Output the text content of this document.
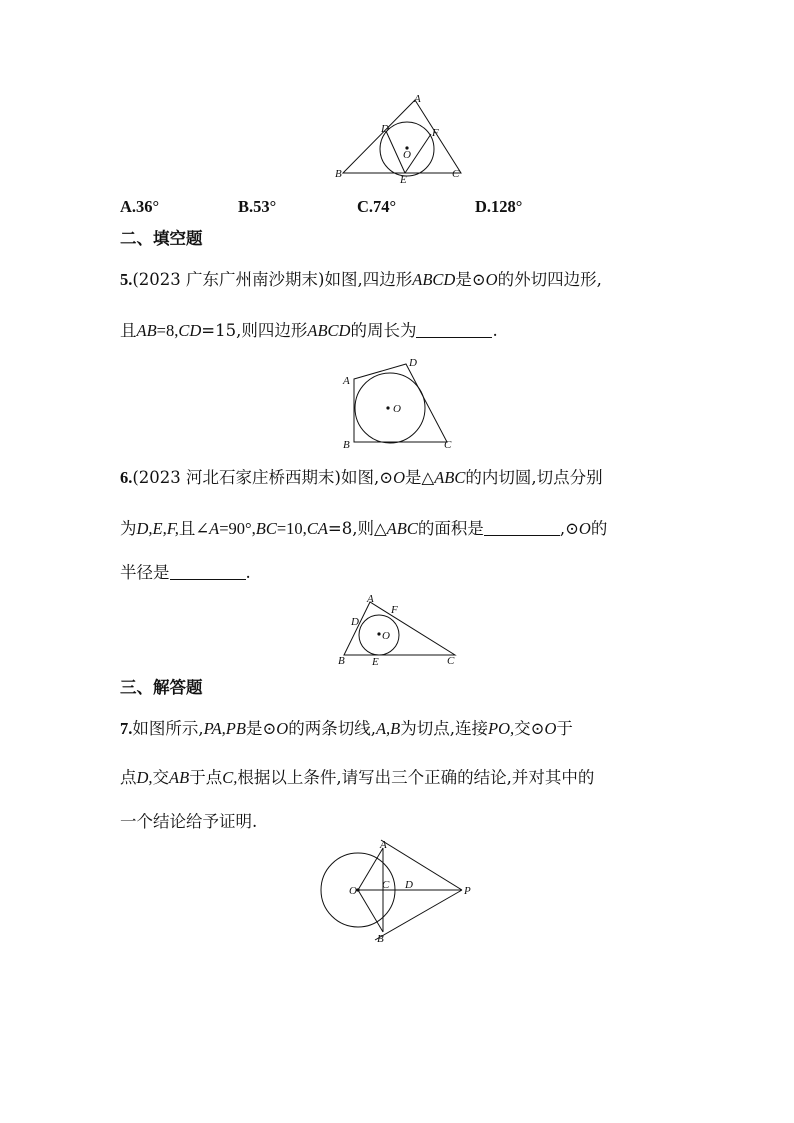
A
B	C
D
E
F
O
A.36°	B.53°	C.74°	D.128°
二、填空题
5.(2023 广东广州南沙期末)如图,四边形ABCD是⊙O的外切四边形,
且AB=8,CD=15,则四边形ABCD的周长为	.
A
B	C
D
O
6.(2023 河北石家庄桥西期末)如图,⊙O是△ABC的内切圆,切点分别
为D,E,F,且∠A=90°,BC=10,CA=8,则△ABC的面积是	,⊙O的
半径是	.
A
B	C
D
E
F
O
三、解答题
7.如图所示,PA,PB是⊙O的两条切线,A,B为切点,连接PO,交⊙O于
点D,交AB于点C,根据以上条件,请写出三个正确的结论,并对其中的
一个结论给予证明.
A
B
C D
O	P
